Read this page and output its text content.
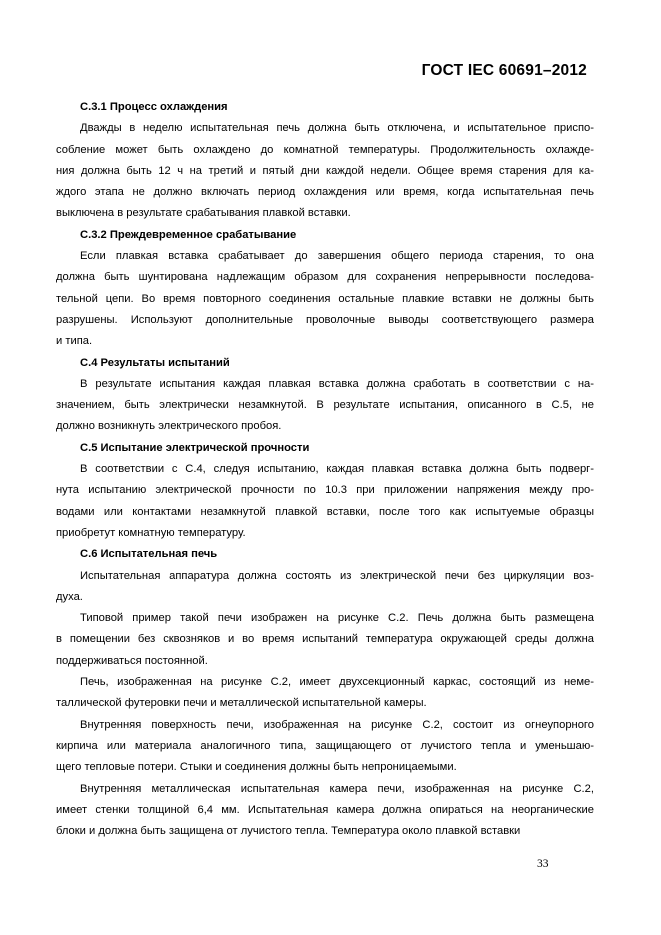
ГОСТ IEC 60691–2012

С.3.1 Процесс охлаждения

Дважды в неделю испытательная печь должна быть отключена, и испытательное приспо-
собление может быть охлаждено до комнатной температуры. Продолжительность охлажде-
ния должна быть 12 ч на третий и пятый дни каждой недели. Общее время старения для ка-
ждого этапа не должно включать период охлаждения или время, когда испытательная печь
выключена в результате срабатывания плавкой вставки.

С.3.2 Преждевременное срабатывание

Если плавкая вставка срабатывает до завершения общего периода старения, то она
должна быть шунтирована надлежащим образом для сохранения непрерывности последова-
тельной цепи. Во время повторного соединения остальные плавкие вставки не должны быть
разрушены. Используют дополнительные проволочные выводы соответствующего размера
и типа.

С.4 Результаты испытаний

В результате испытания каждая плавкая вставка должна сработать в соответствии с на-
значением, быть электрически незамкнутой. В результате испытания, описанного в С.5, не
должно возникнуть электрического пробоя.

С.5 Испытание электрической прочности

В соответствии с С.4, следуя испытанию, каждая плавкая вставка должна быть подверг-
нута испытанию электрической прочности по 10.3 при приложении напряжения между про-
водами или контактами незамкнутой плавкой вставки, после того как испытуемые образцы
приобретут комнатную температуру.

С.6 Испытательная печь

Испытательная аппаратура должна состоять из электрической печи без циркуляции воз-
духа.

Типовой пример такой печи изображен на рисунке С.2. Печь должна быть размещена
в помещении без сквозняков и во время испытаний температура окружающей среды должна
поддерживаться постоянной.

Печь, изображенная на рисунке С.2, имеет двухсекционный каркас, состоящий из неме-
таллической футеровки печи и металлической испытательной камеры.

Внутренняя поверхность печи, изображенная на рисунке С.2, состоит из огнеупорного
кирпича или материала аналогичного типа, защищающего от лучистого тепла и уменьшаю-
щего тепловые потери. Стыки и соединения должны быть непроницаемыми.

Внутренняя металлическая испытательная камера печи, изображенная на рисунке С.2,
имеет стенки толщиной 6,4 мм. Испытательная камера должна опираться на неорганические
блоки и должна быть защищена от лучистого тепла. Температура около плавкой вставки

33
